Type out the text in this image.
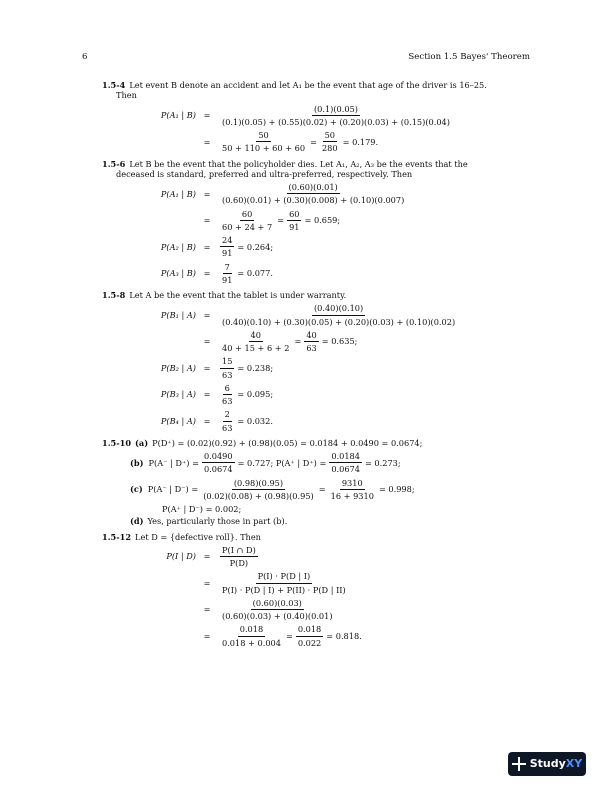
6	Section 1.5 Bayes' Theorem
1.5-4 Let event B denote an accident and let A₁ be the event that age of the driver is 16–25.
Then
P(A₁ | B) =	$\frac{(0.1)(0.05)}{(0.1)(0.05) + (0.55)(0.02) + (0.20)(0.03) + (0.15)(0.04)}$
=	$\frac{50}{50 + 110 + 60 + 60} = \frac{50}{280} = 0.179$.
1.5-6 Let B be the event that the policyholder dies. Let A₁, A₂, A₃ be the events that the
deceased is standard, preferred and ultra-preferred, respectively. Then
P(A₁ | B) =	$\frac{(0.60)(0.01)}{(0.60)(0.01) + (0.30)(0.008) + (0.10)(0.007)}$
=	$\frac{60}{60 + 24 + 7} = \frac{60}{91} = 0.659$;
P(A₂ | B) =	$\frac{24}{91} = 0.264$;
P(A₃ | B) =	$\frac{7}{91} = 0.077$.
1.5-8 Let A be the event that the tablet is under warranty.
P(B₁ | A) =	$\frac{(0.40)(0.10)}{(0.40)(0.10) + (0.30)(0.05) + (0.20)(0.03) + (0.10)(0.02)}$
=	$\frac{40}{40 + 15 + 6 + 2} = \frac{40}{63} = 0.635$;
P(B₂ | A) =	$\frac{15}{63} = 0.238$;
P(B₃ | A) =	$\frac{6}{63} = 0.095$;
P(B₄ | A) =	$\frac{2}{63} = 0.032$.
1.5-10 (a) P(D⁺) = (0.02)(0.92) + (0.98)(0.05) = 0.0184 + 0.0490 = 0.0674;
(b) P(A⁻ | $D^+) = \frac{0.0490}{0.0674} = 0.727$; P(A⁺ | $D^+) = \frac{0.0184}{0.0674} = 0.273$;
(c) P(A⁻ | $D^-) = \frac{(0.98)(0.95)}{(0.02)(0.08) + (0.98)(0.95)} = \frac{9310}{16 + 9310} = 0.998$;
P(A⁺ | D⁻) = 0.002;
(d) Yes, particularly those in part (b).
1.5-12 Let D = {defective roll}. Then
P(I | D) =	$\frac{P(I \cap D)}{P(D)}$
=	$\frac{P(I) \cdot P(D | I)}{P(I) \cdot P(D | I) + P(II) \cdot P(D | II)}$
=	$\frac{(0.60)(0.03)}{(0.60)(0.03) + (0.40)(0.01)}$
=	$\frac{0.018}{0.018 + 0.004} = \frac{0.018}{0.022} = 0.818$.
Study XY
